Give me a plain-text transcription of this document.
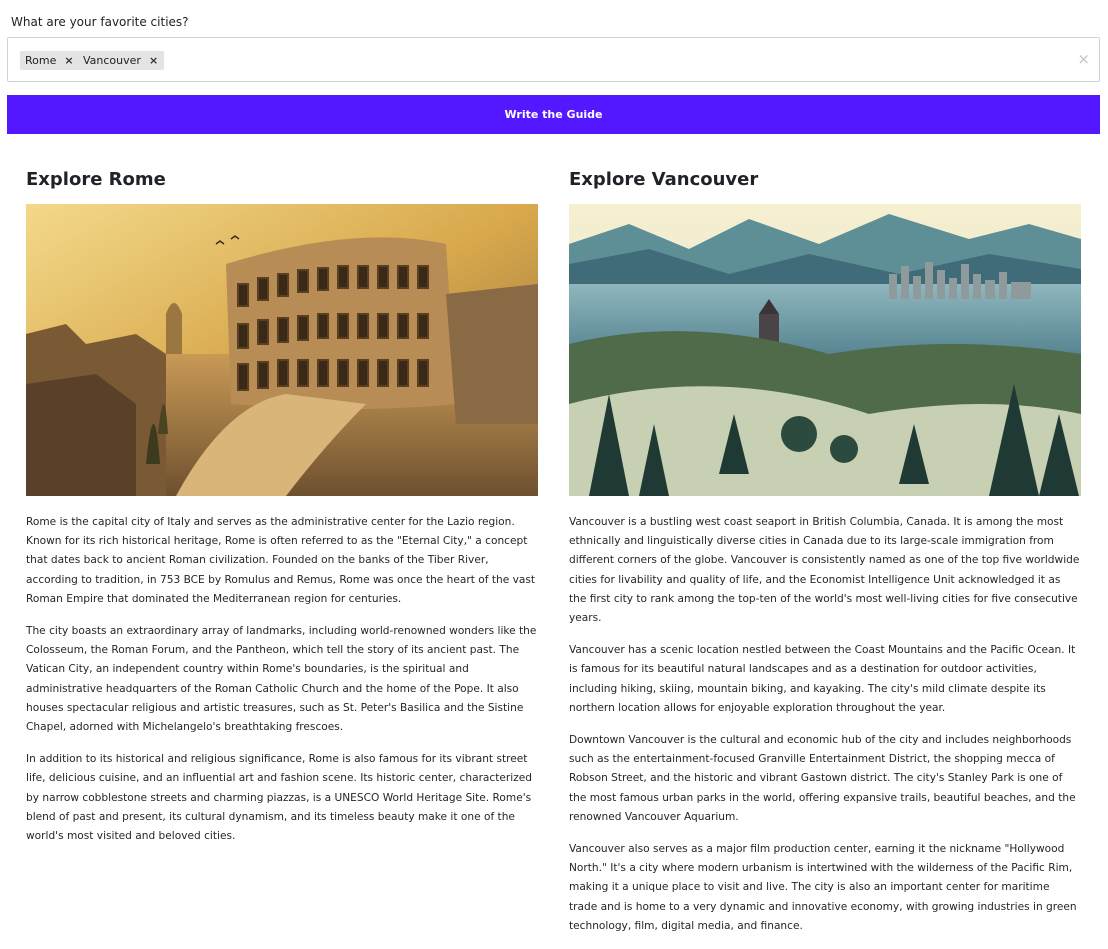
What are your favorite cities?
Rome × Vancouver ×	×
Write the Guide
Explore Rome

Rome is the capital city of Italy and serves as the administrative center for the Lazio region. Known for its rich historical heritage, Rome is often referred to as the "Eternal City," a concept that dates back to ancient Roman civilization. Founded on the banks of the Tiber River, according to tradition, in 753 BCE by Romulus and Remus, Rome was once the heart of the vast Roman Empire that dominated the Mediterranean region for centuries.

The city boasts an extraordinary array of landmarks, including world-renowned wonders like the Colosseum, the Roman Forum, and the Pantheon, which tell the story of its ancient past. The Vatican City, an independent country within Rome's boundaries, is the spiritual and administrative headquarters of the Roman Catholic Church and the home of the Pope. It also houses spectacular religious and artistic treasures, such as St. Peter's Basilica and the Sistine Chapel, adorned with Michelangelo's breathtaking frescoes.

In addition to its historical and religious significance, Rome is also famous for its vibrant street life, delicious cuisine, and an influential art and fashion scene. Its historic center, characterized by narrow cobblestone streets and charming piazzas, is a UNESCO World Heritage Site. Rome's blend of past and present, its cultural dynamism, and its timeless beauty make it one of the world's most visited and beloved cities.

Explore Vancouver

Vancouver is a bustling west coast seaport in British Columbia, Canada. It is among the most ethnically and linguistically diverse cities in Canada due to its large-scale immigration from different corners of the globe. Vancouver is consistently named as one of the top five worldwide cities for livability and quality of life, and the Economist Intelligence Unit acknowledged it as the first city to rank among the top-ten of the world's most well-living cities for five consecutive years.

Vancouver has a scenic location nestled between the Coast Mountains and the Pacific Ocean. It is famous for its beautiful natural landscapes and as a destination for outdoor activities, including hiking, skiing, mountain biking, and kayaking. The city's mild climate despite its northern location allows for enjoyable exploration throughout the year.

Downtown Vancouver is the cultural and economic hub of the city and includes neighborhoods such as the entertainment-focused Granville Entertainment District, the shopping mecca of Robson Street, and the historic and vibrant Gastown district. The city's Stanley Park is one of the most famous urban parks in the world, offering expansive trails, beautiful beaches, and the renowned Vancouver Aquarium.

Vancouver also serves as a major film production center, earning it the nickname "Hollywood North." It's a city where modern urbanism is intertwined with the wilderness of the Pacific Rim, making it a unique place to visit and live. The city is also an important center for maritime trade and is home to a very dynamic and innovative economy, with growing industries in green technology, film, digital media, and finance.
